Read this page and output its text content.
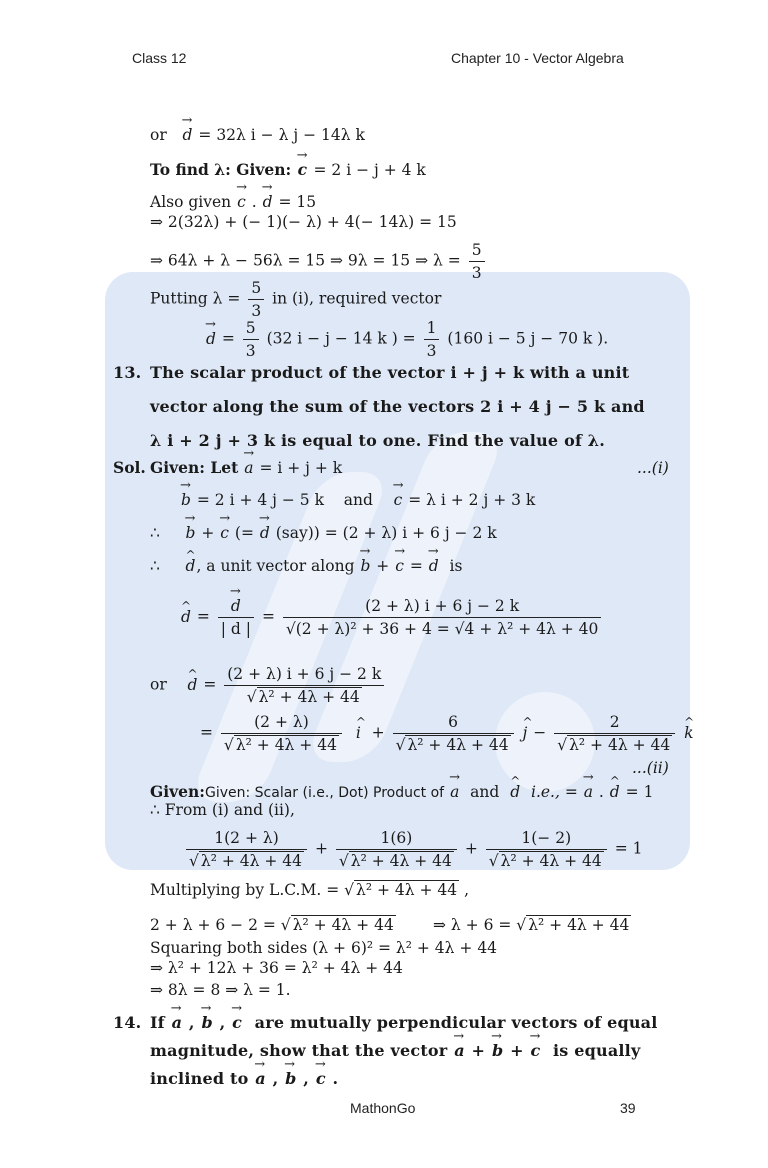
Class 12	Chapter 10 - Vector Algebra
or → d = 32λ i − λ j − 14λ k
To find λ: Given: → c = 2 i − j + 4 k
Also given → c . → d = 15
⇒ 2(32λ) + (− 1)(− λ) + 4(− 14λ) = 15
⇒ 64λ + λ − 56λ = 15 ⇒ 9λ = 15 ⇒ $\lambda = \frac{5}{3}$
Putting $\lambda = \frac{5}{3}$ in (i), required vector
→ $d = \frac{5}{3} (32$ i − j − 14 k ) = $\frac{1}{3} (160$ i − 5 j − 70 k ).
13. The scalar product of the vector i + j + k with a unit
vector along the sum of the vectors 2 i + 4 j − 5 k and
λ i + 2 j + 3 k is equal to one. Find the value of λ.
Sol. Given: Let → a = i + j + k	...(i)
→ b = 2 i + 4 j − 5 k and → c = λ i + 2 j + 3 k
∴ → b + → c (= → d (say)) = (2 + λ) i + 6 j − 2 k
∴ ^ d, a unit vector along → b + → c = → d is
^ d = → $\frac{d}{| d |} = \frac{(2 + \lambda) i + 6 j - 2 k}{\text{√(2 + λ)² + 36 + 4 = √4 + λ² + 4λ + 40}}$
or ^ $d = \frac{(2 + \lambda) i + 6 j - 2 k}{\text{√ λ² + 4λ + 44}}$
= $\frac{(2 + \lambda)}{\text{√ λ² + 4λ + 44}}$ ^ $i + \frac{6}{\text{√ λ² + 4λ + 44}}$ ^ $j - \frac{2}{\text{√ λ² + 4λ + 44}}$ ^ k
...(ii)
Given:Given: Scalar (i.e., Dot) Product of → a and ^ d i.e., = → a . ^ d = 1
∴ From (i) and (ii),
$\frac{1(2 + \lambda)}{\text{√ λ² + 4λ + 44}} + \frac{1(6)}{\text{√ λ² + 4λ + 44}} + \frac{1(- 2)}{\text{√ λ² + 4λ + 44}} = 1$
Multiplying by L.C.M. = √ λ² + 4λ + 44 ,
2 + λ + 6 − 2 = √ λ² + 4λ + 44	⇒ λ + 6 = √ λ² + 4λ + 44
Squaring both sides (λ + 6)² = λ² + 4λ + 44
⇒ λ² + 12λ + 36 = λ² + 4λ + 44
⇒ 8λ = 8 ⇒ λ = 1.
14. If → a , → b , → c are mutually perpendicular vectors of equal
magnitude, show that the vector → a + → b + → c is equally
inclined to → a , → b , → c .
MathonGo	39
